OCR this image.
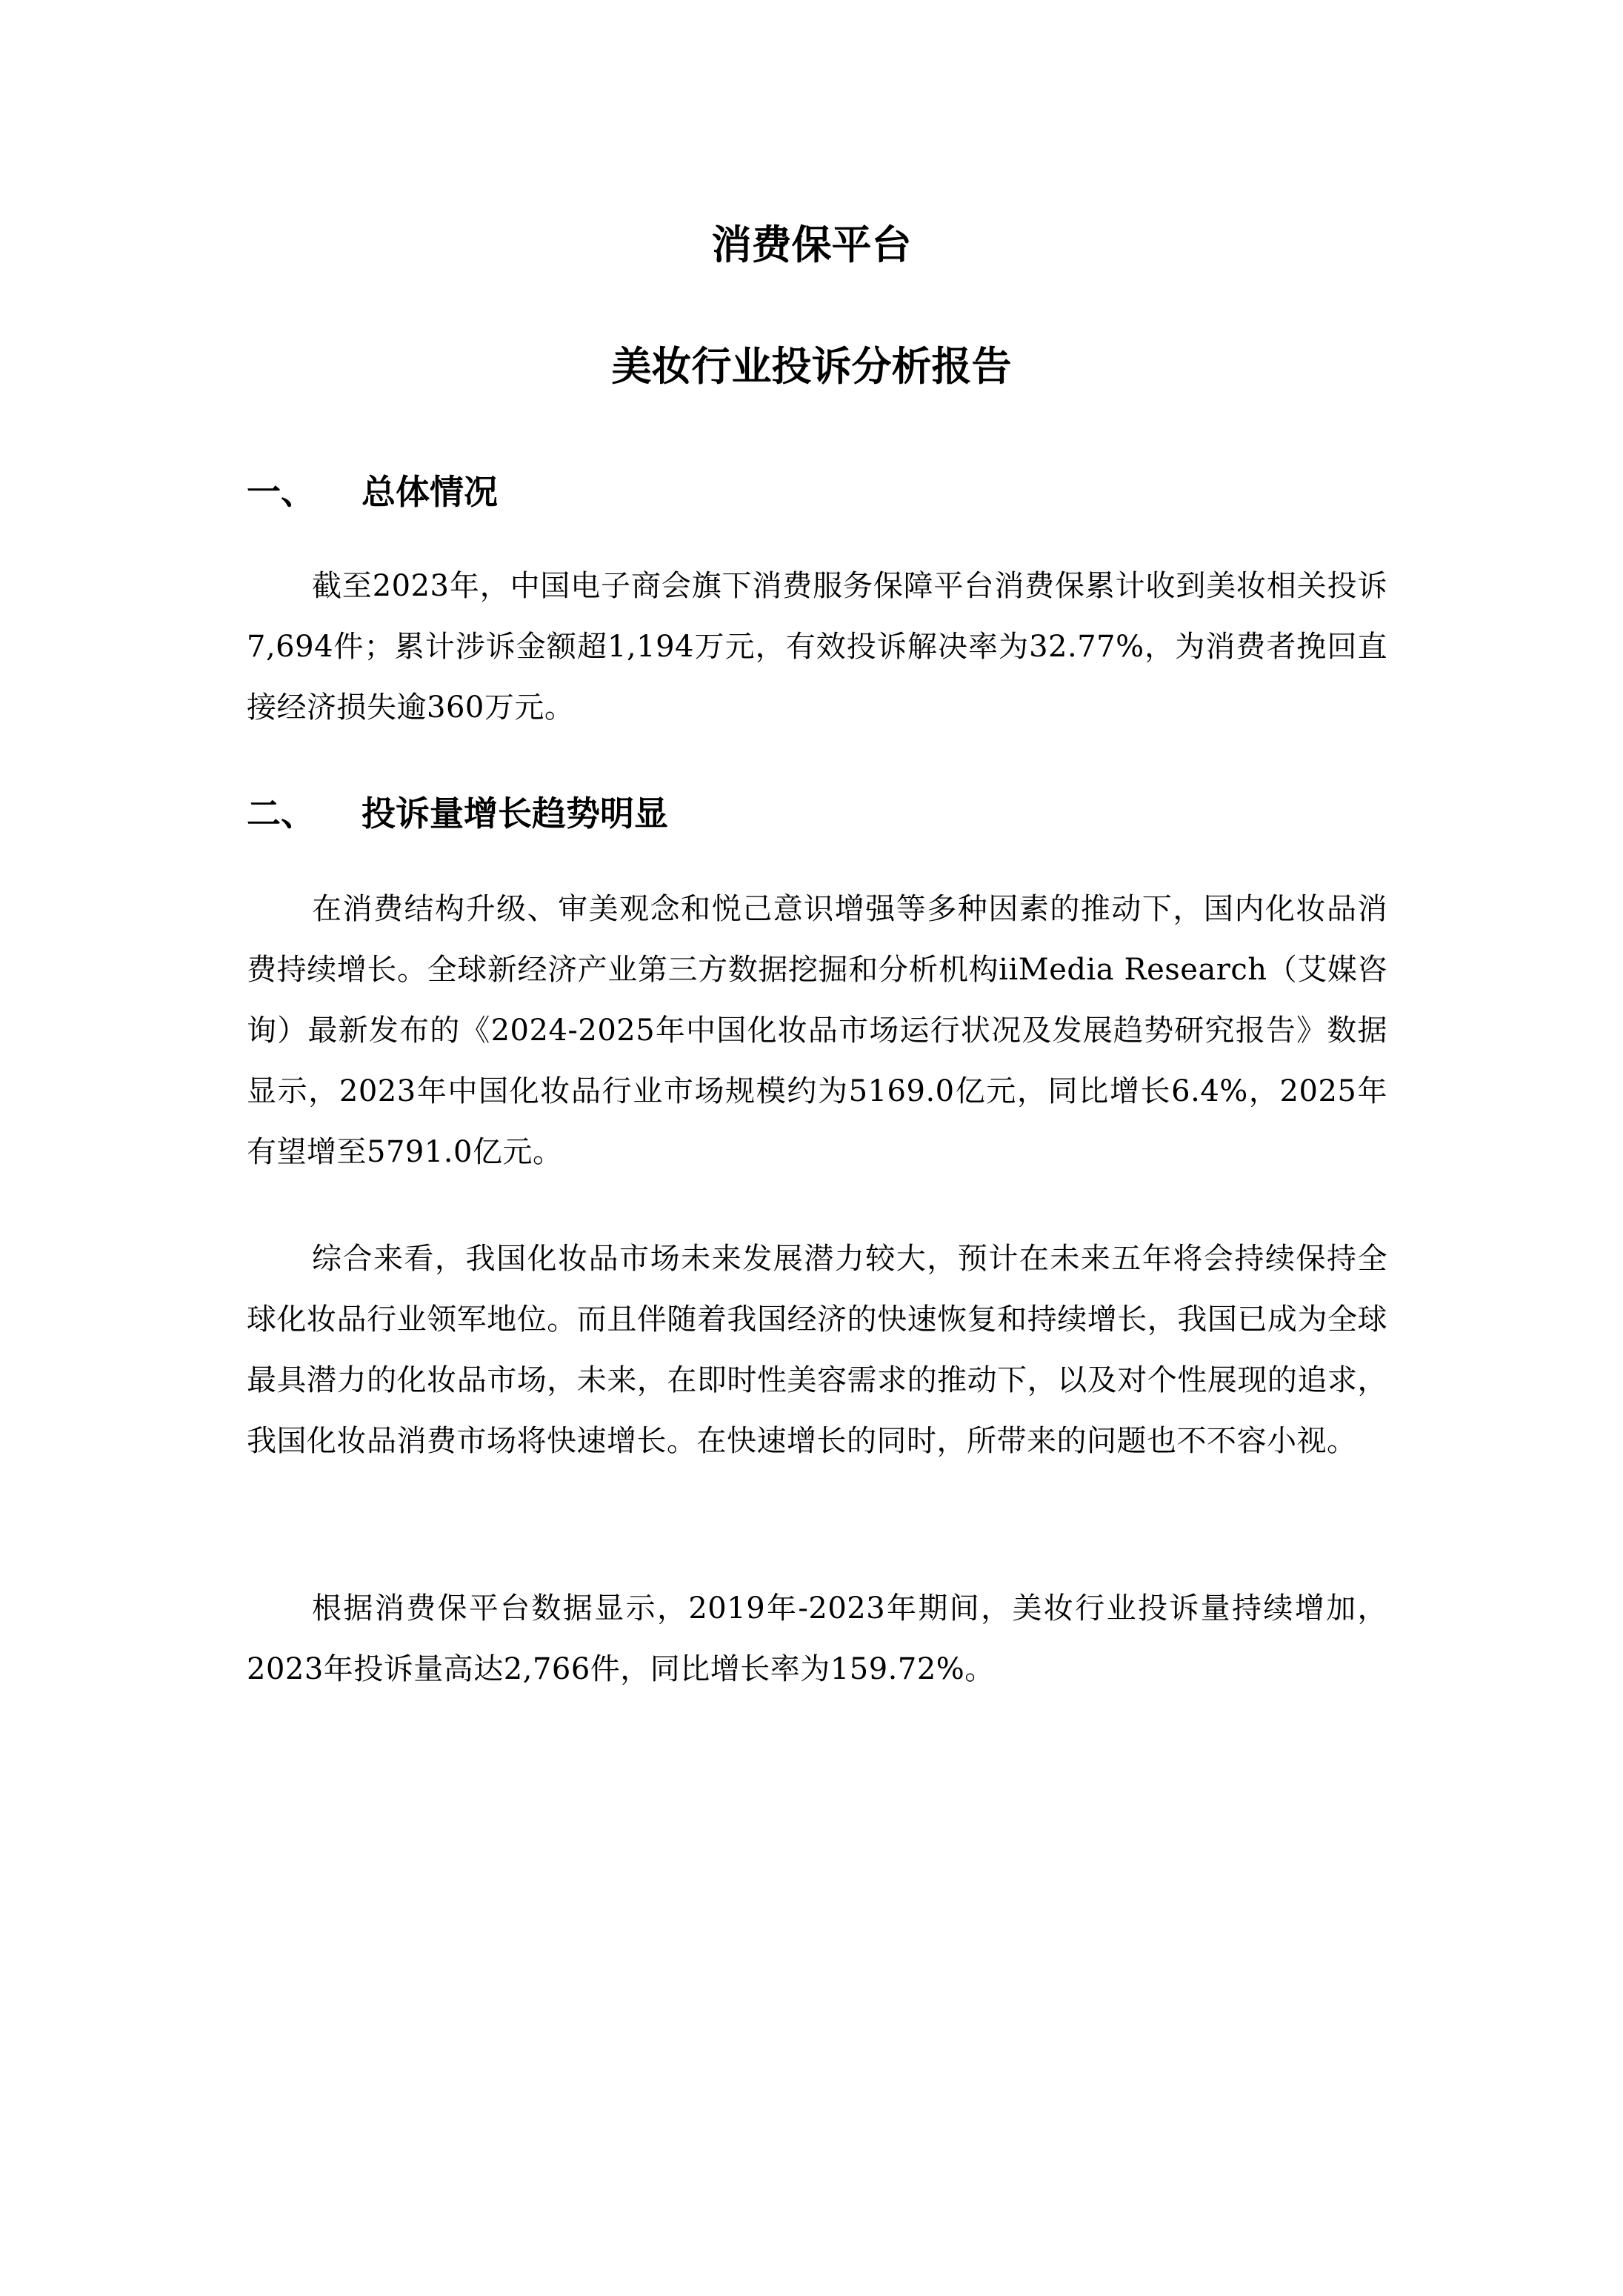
消费保平台
美妆行业投诉分析报告
一、 总体情况

截至2023年，中国电子商会旗下消费服务保障平台消费保累计收到美妆相关投诉7,694件；累计涉诉金额超1,194万元，有效投诉解决率为32.77%，为消费者挽回直接经济损失逾360万元。

二、 投诉量增长趋势明显

在消费结构升级、审美观念和悦己意识增强等多种因素的推动下，国内化妆品消费持续增长。全球新经济产业第三方数据挖掘和分析机构iiMedia Research（艾媒咨询）最新发布的《2024-2025年中国化妆品市场运行状况及发展趋势研究报告》数据显示，2023年中国化妆品行业市场规模约为5169.0亿元，同比增长6.4%，2025年有望增至5791.0亿元。

综合来看，我国化妆品市场未来发展潜力较大，预计在未来五年将会持续保持全球化妆品行业领军地位。而且伴随着我国经济的快速恢复和持续增长，我国已成为全球最具潜力的化妆品市场，未来，在即时性美容需求的推动下，以及对个性展现的追求，我国化妆品消费市场将快速增长。在快速增长的同时，所带来的问题也不不容小视。

根据消费保平台数据显示，2019年-2023年期间，美妆行业投诉量持续增加，2023年投诉量高达2,766件，同比增长率为159.72%。
